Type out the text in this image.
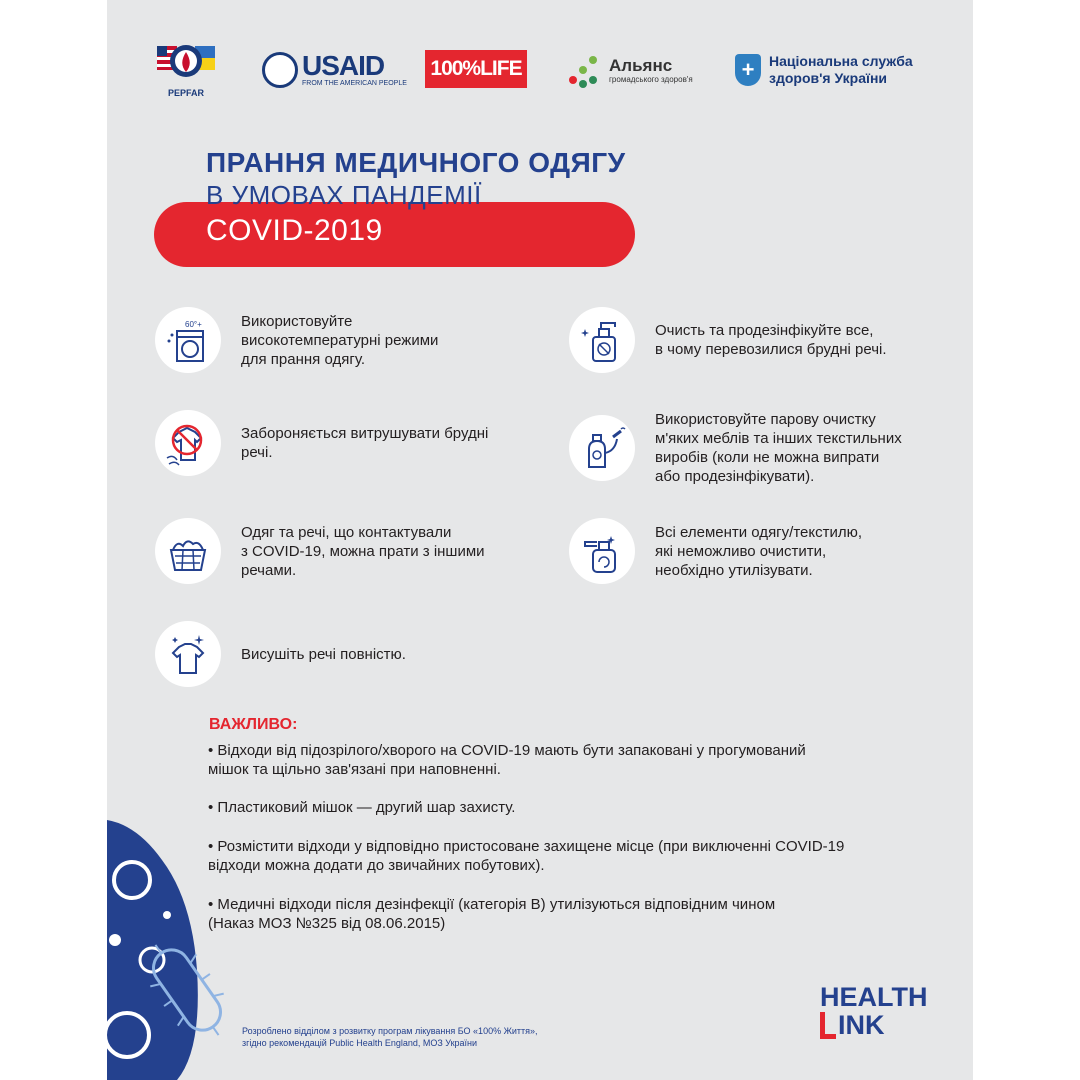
PEPFAR
USAID
FROM THE AMERICAN PEOPLE
100%LIFE	Альянс
громадського здоров'я +	Національна служба здоров'я України
ПРАННЯ МЕДИЧНОГО ОДЯГУ
В УМОВАХ ПАНДЕМІЇ
COVID-2019
60°+	Використовуйте
високотемпературні режими
для прання одягу.
Забороняється витрушувати брудні
речі.
Одяг та речі, що контактували
з COVID-19, можна прати з іншими
речами.
Висушіть речі повністю.
Очисть та продезінфікуйте все,
в чому перевозилися брудні речі.
Використовуйте парову очистку
м'яких меблів та інших текстильних
виробів (коли не можна випрати
або продезінфікувати).
Всі елементи одягу/текстилю,
які неможливо очистити,
необхідно утилізувати.
ВАЖЛИВО:
• Відходи від підозрілого/хворого на COVID-19 мають бути запаковані у прогумований
мішок та щільно зав'язані при наповненні.
• Пластиковий мішок — другий шар захисту.
• Розмістити відходи у відповідно пристосоване захищене місце (при виключенні COVID-19
відходи можна додати до звичайних побутових).
• Медичні відходи після дезінфекції (категорія В) утилізуються відповідним чином
(Наказ МОЗ №325 від 08.06.2015)
Розроблено відділом з розвитку програм лікування БО «100% Життя»,
згідно рекомендацій Public Health England, МОЗ України
HEALTH
INK
